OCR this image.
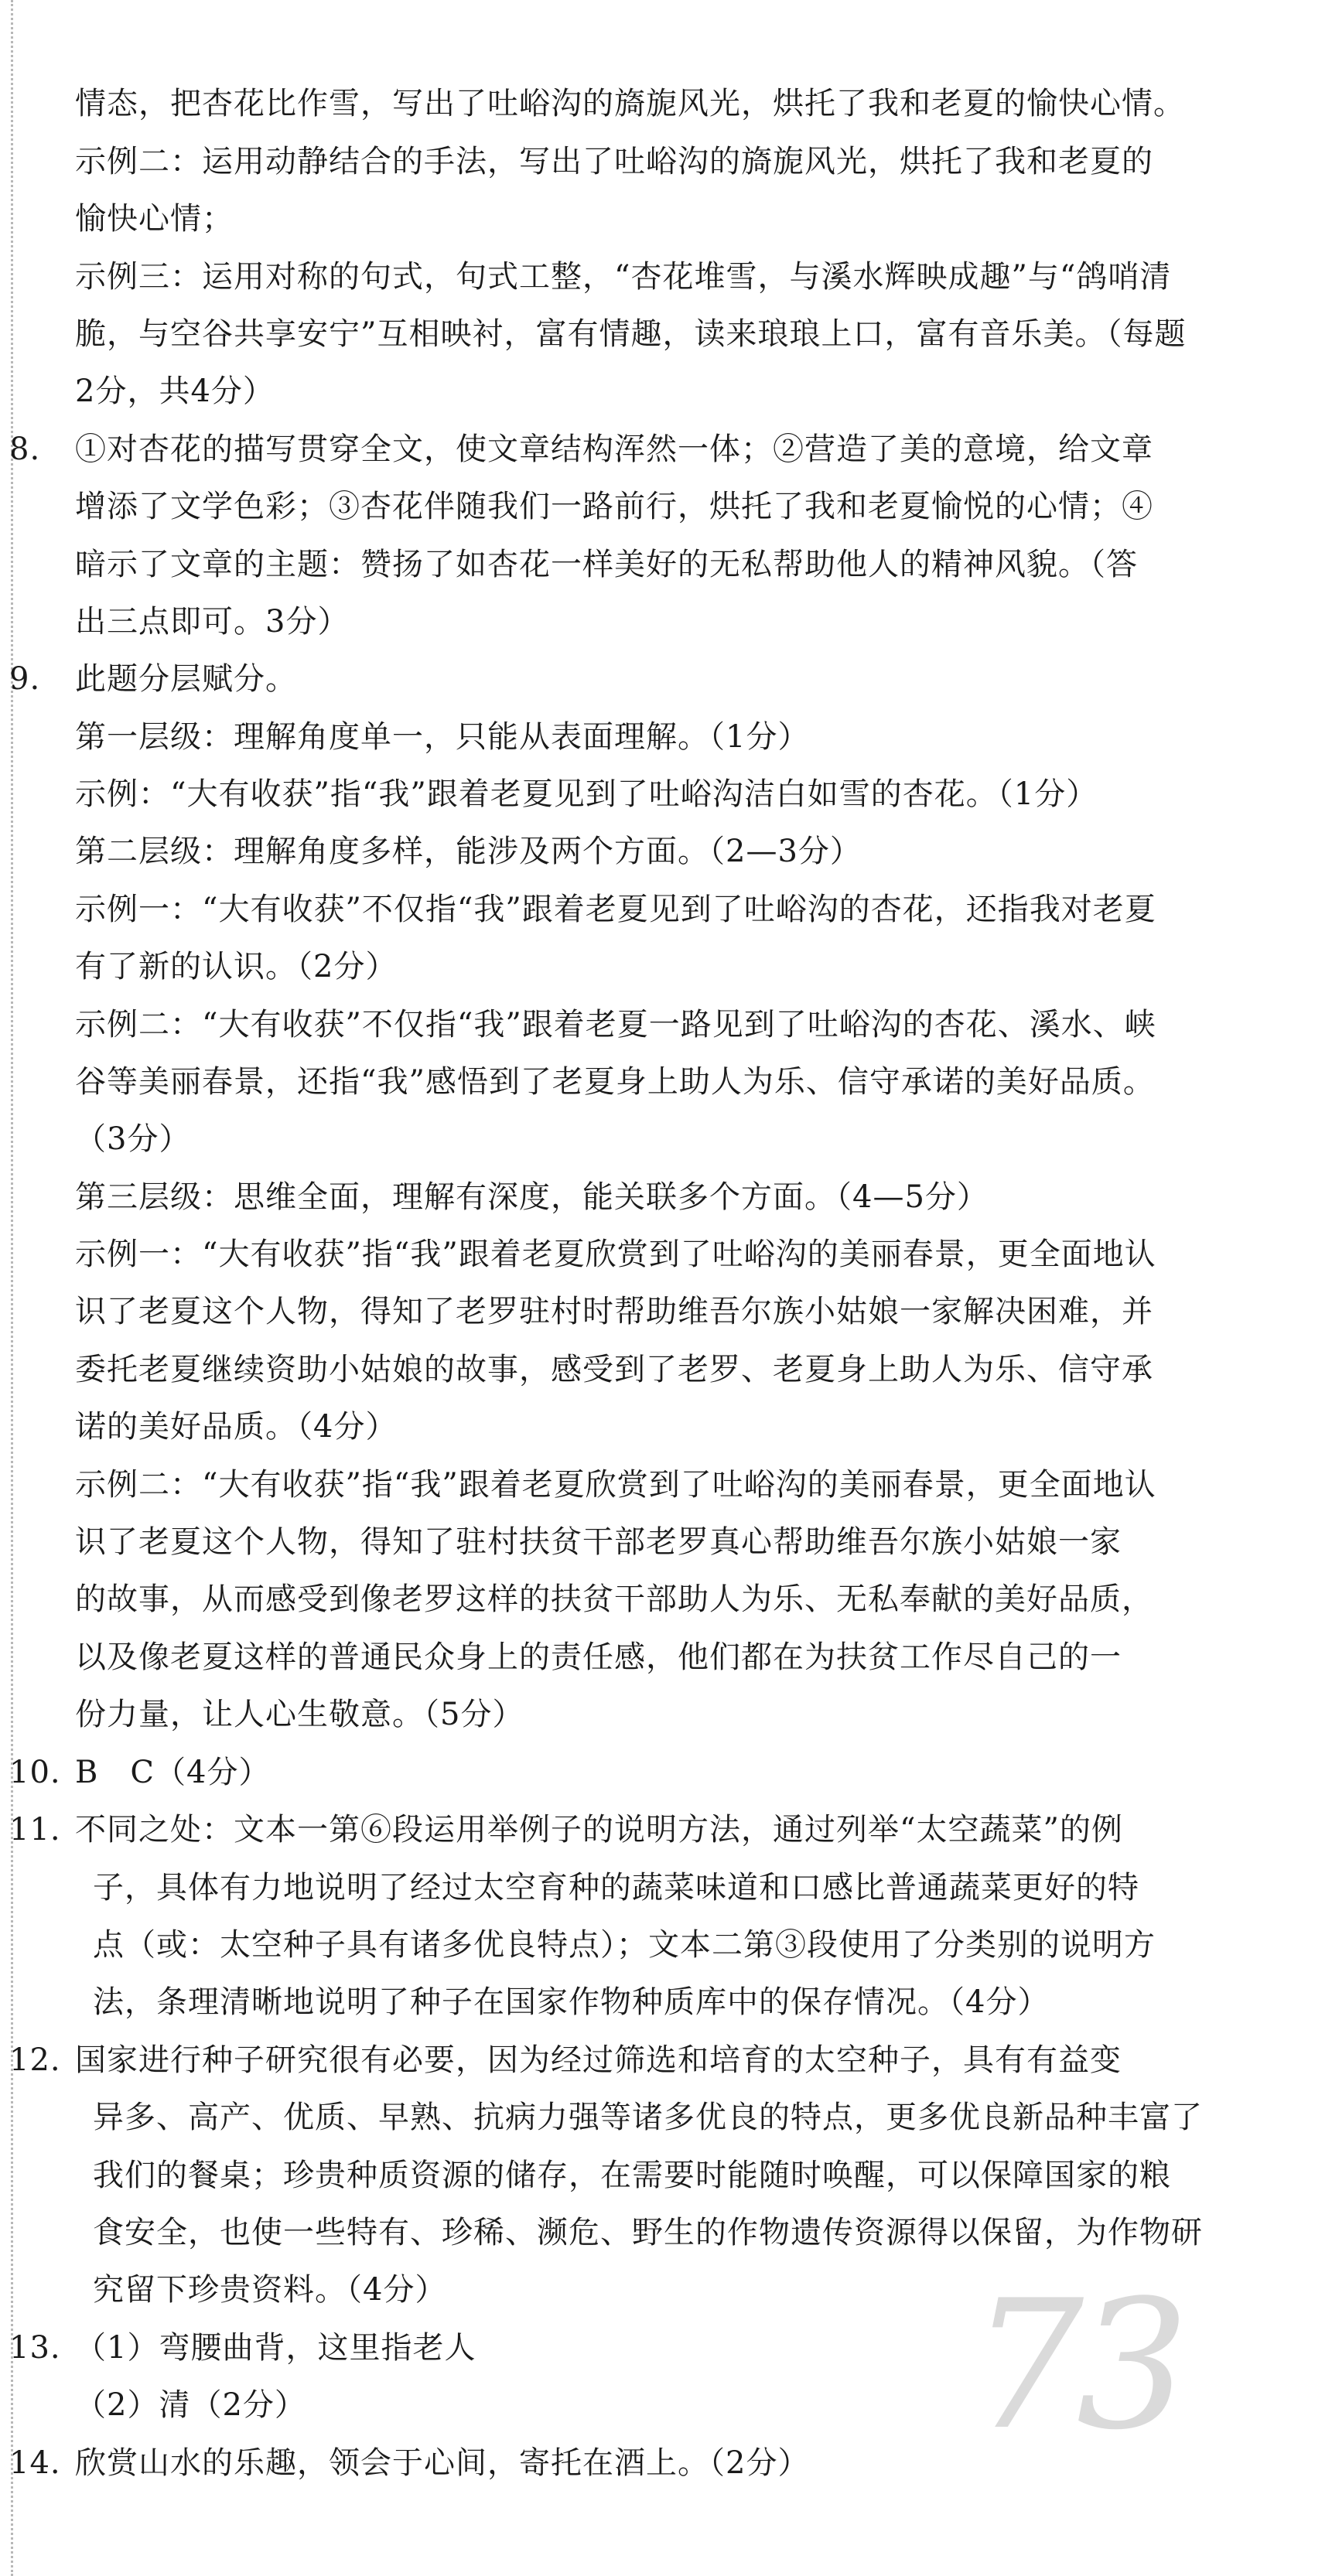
情态，把杏花比作雪，写出了吐峪沟的旖旎风光，烘托了我和老夏的愉快心情。
示例二：运用动静结合的手法，写出了吐峪沟的旖旎风光，烘托了我和老夏的
愉快心情；
示例三：运用对称的句式，句式工整，“杏花堆雪，与溪水辉映成趣”与“鸽哨清
脆，与空谷共享安宁”互相映衬，富有情趣，读来琅琅上口，富有音乐美。（每题
2分，共4分）
8. ①对杏花的描写贯穿全文，使文章结构浑然一体；②营造了美的意境，给文章
增添了文学色彩；③杏花伴随我们一路前行，烘托了我和老夏愉悦的心情；④
暗示了文章的主题：赞扬了如杏花一样美好的无私帮助他人的精神风貌。（答
出三点即可。3分）
9. 此题分层赋分。
第一层级：理解角度单一，只能从表面理解。（1分）
示例：“大有收获”指“我”跟着老夏见到了吐峪沟洁白如雪的杏花。（1分）
第二层级：理解角度多样，能涉及两个方面。（2—3分）
示例一：“大有收获”不仅指“我”跟着老夏见到了吐峪沟的杏花，还指我对老夏
有了新的认识。（2分）
示例二：“大有收获”不仅指“我”跟着老夏一路见到了吐峪沟的杏花、溪水、峡
谷等美丽春景，还指“我”感悟到了老夏身上助人为乐、信守承诺的美好品质。
（3分）
第三层级：思维全面，理解有深度，能关联多个方面。（4—5分）
示例一：“大有收获”指“我”跟着老夏欣赏到了吐峪沟的美丽春景，更全面地认
识了老夏这个人物，得知了老罗驻村时帮助维吾尔族小姑娘一家解决困难，并
委托老夏继续资助小姑娘的故事，感受到了老罗、老夏身上助人为乐、信守承
诺的美好品质。（4分）
示例二：“大有收获”指“我”跟着老夏欣赏到了吐峪沟的美丽春景，更全面地认
识了老夏这个人物，得知了驻村扶贫干部老罗真心帮助维吾尔族小姑娘一家
的故事，从而感受到像老罗这样的扶贫干部助人为乐、无私奉献的美好品质，
以及像老夏这样的普通民众身上的责任感，他们都在为扶贫工作尽自己的一
份力量，让人心生敬意。（5分）
10. B　C（4分）
11. 不同之处：文本一第⑥段运用举例子的说明方法，通过列举“太空蔬菜”的例
子，具体有力地说明了经过太空育种的蔬菜味道和口感比普通蔬菜更好的特
点（或：太空种子具有诸多优良特点）；文本二第③段使用了分类别的说明方
法，条理清晰地说明了种子在国家作物种质库中的保存情况。（4分）
12. 国家进行种子研究很有必要，因为经过筛选和培育的太空种子，具有有益变
异多、高产、优质、早熟、抗病力强等诸多优良的特点，更多优良新品种丰富了
我们的餐桌；珍贵种质资源的储存，在需要时能随时唤醒，可以保障国家的粮
食安全，也使一些特有、珍稀、濒危、野生的作物遗传资源得以保留，为作物研
究留下珍贵资料。（4分）
13. （1）弯腰曲背，这里指老人
（2）清（2分）
14. 欣赏山水的乐趣，领会于心间，寄托在酒上。（2分） 73
